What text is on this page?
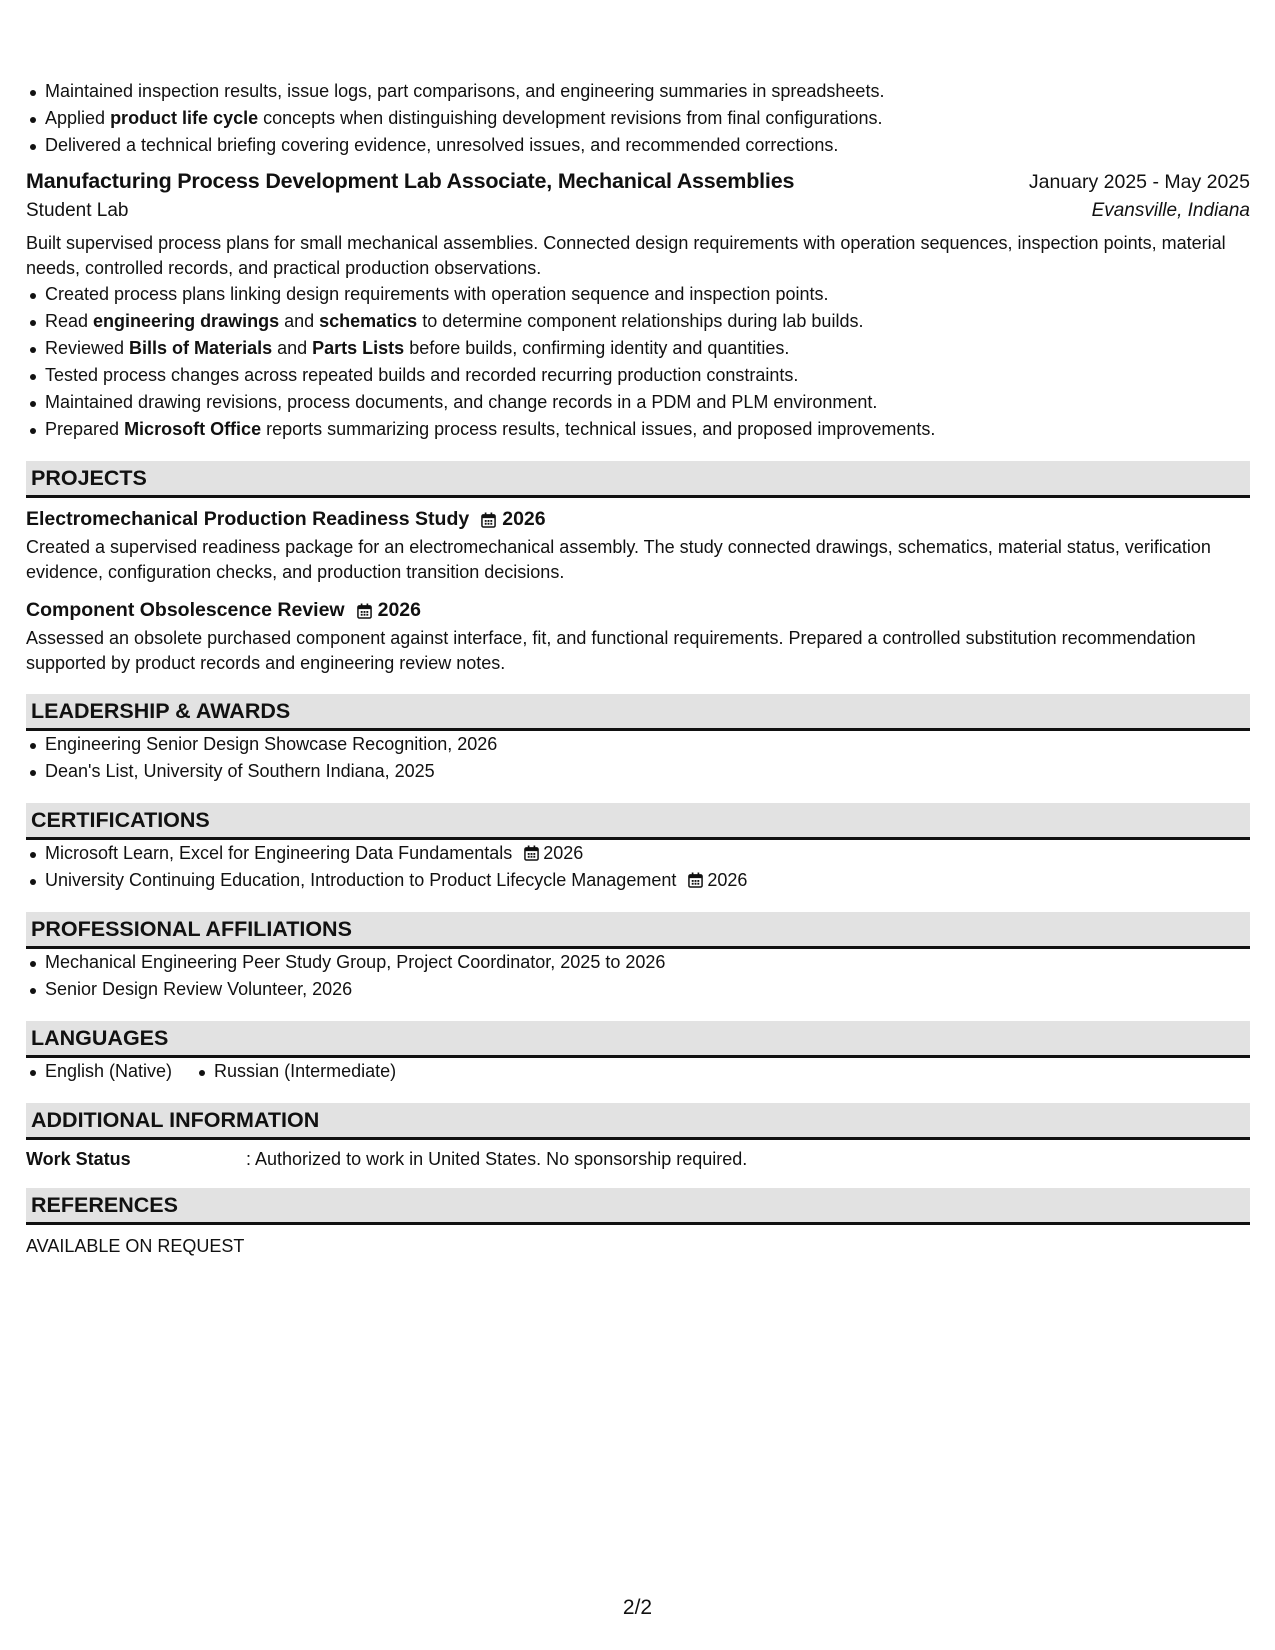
Maintained inspection results, issue logs, part comparisons, and engineering summaries in spreadsheets.
Applied product life cycle concepts when distinguishing development revisions from final configurations.
Delivered a technical briefing covering evidence, unresolved issues, and recommended corrections.
Manufacturing Process Development Lab Associate, Mechanical Assemblies	January 2025 - May 2025
Student Lab	Evansville, Indiana
Built supervised process plans for small mechanical assemblies. Connected design requirements with operation sequences, inspection points, material needs, controlled records, and practical production observations.
Created process plans linking design requirements with operation sequence and inspection points.
Read engineering drawings and schematics to determine component relationships during lab builds.
Reviewed Bills of Materials and Parts Lists before builds, confirming identity and quantities.
Tested process changes across repeated builds and recorded recurring production constraints.
Maintained drawing revisions, process documents, and change records in a PDM and PLM environment.
Prepared Microsoft Office reports summarizing process results, technical issues, and proposed improvements.
PROJECTS
Electromechanical Production Readiness Study 2026
Created a supervised readiness package for an electromechanical assembly. The study connected drawings, schematics, material status, verification evidence, configuration checks, and production transition decisions.
Component Obsolescence Review 2026
Assessed an obsolete purchased component against interface, fit, and functional requirements. Prepared a controlled substitution recommendation supported by product records and engineering review notes.
LEADERSHIP & AWARDS
Engineering Senior Design Showcase Recognition, 2026
Dean's List, University of Southern Indiana, 2025
CERTIFICATIONS
Microsoft Learn, Excel for Engineering Data Fundamentals 2026
University Continuing Education, Introduction to Product Lifecycle Management 2026
PROFESSIONAL AFFILIATIONS
Mechanical Engineering Peer Study Group, Project Coordinator, 2025 to 2026
Senior Design Review Volunteer, 2026
LANGUAGES
English (Native) Russian (Intermediate)
ADDITIONAL INFORMATION
Work Status	: Authorized to work in United States. No sponsorship required.
REFERENCES
AVAILABLE ON REQUEST
2/2
